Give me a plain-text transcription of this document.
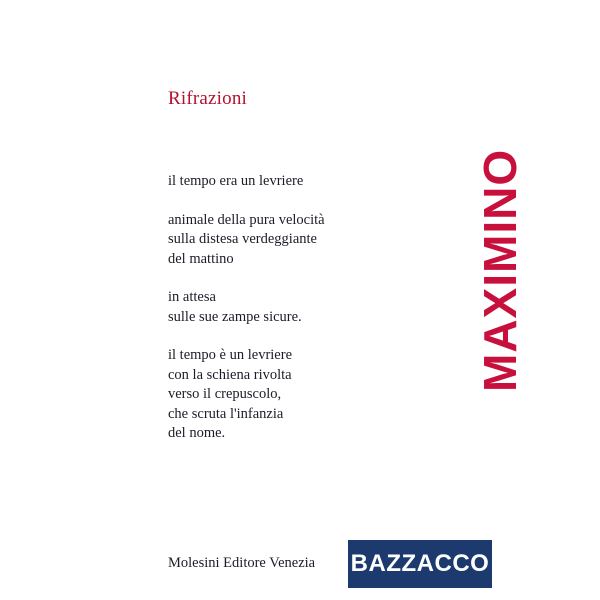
MAXIMINO
Rifrazioni

il tempo era un levriere

animale della pura velocità
sulla distesa verdeggiante
del mattino

in attesa
sulle sue zampe sicure.

il tempo è un levriere
con la schiena rivolta
verso il crepuscolo,
che scruta l'infanzia
del nome.

Molesini Editore Venezia BAZZACCO
